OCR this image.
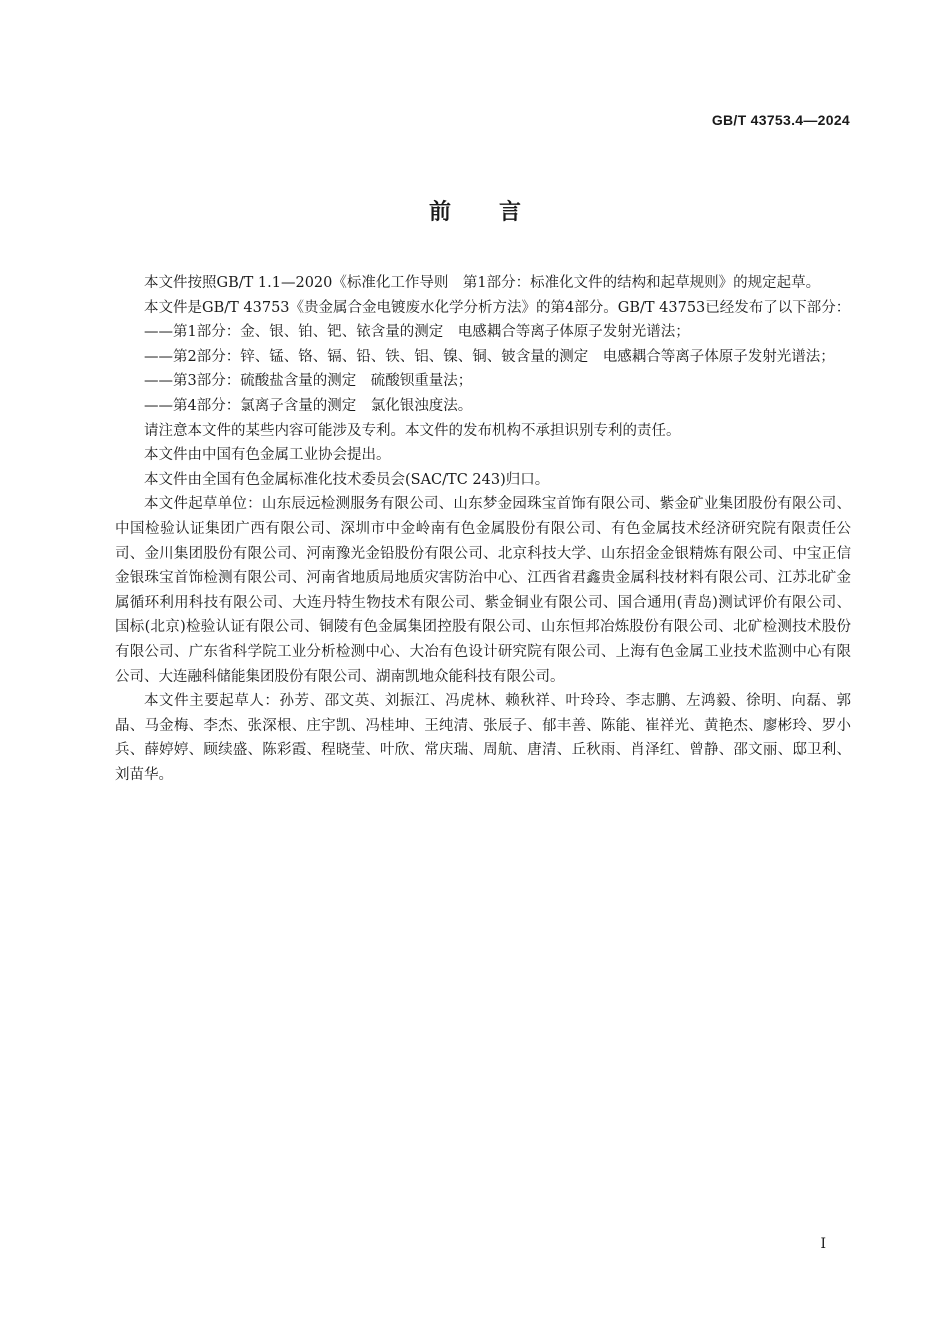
GB/T 43753.4—2024
前言

本文件按照GB/T 1.1—2020《标准化工作导则　第1部分：标准化文件的结构和起草规则》的规定起草。

本文件是GB/T 43753《贵金属合金电镀废水化学分析方法》的第4部分。GB/T 43753已经发布了以下部分：

——第1部分：金、银、铂、钯、铱含量的测定　电感耦合等离子体原子发射光谱法；

——第2部分：锌、锰、铬、镉、铅、铁、铝、镍、铜、铍含量的测定　电感耦合等离子体原子发射光谱法；

——第3部分：硫酸盐含量的测定　硫酸钡重量法；

——第4部分：氯离子含量的测定　氯化银浊度法。

请注意本文件的某些内容可能涉及专利。本文件的发布机构不承担识别专利的责任。

本文件由中国有色金属工业协会提出。

本文件由全国有色金属标准化技术委员会(SAC/TC 243)归口。

本文件起草单位：山东辰远检测服务有限公司、山东梦金园珠宝首饰有限公司、紫金矿业集团股份有限公司、中国检验认证集团广西有限公司、深圳市中金岭南有色金属股份有限公司、有色金属技术经济研究院有限责任公司、金川集团股份有限公司、河南豫光金铅股份有限公司、北京科技大学、山东招金金银精炼有限公司、中宝正信金银珠宝首饰检测有限公司、河南省地质局地质灾害防治中心、江西省君鑫贵金属科技材料有限公司、江苏北矿金属循环利用科技有限公司、大连丹特生物技术有限公司、紫金铜业有限公司、国合通用(青岛)测试评价有限公司、国标(北京)检验认证有限公司、铜陵有色金属集团控股有限公司、山东恒邦冶炼股份有限公司、北矿检测技术股份有限公司、广东省科学院工业分析检测中心、大冶有色设计研究院有限公司、上海有色金属工业技术监测中心有限公司、大连融科储能集团股份有限公司、湖南凯地众能科技有限公司。

本文件主要起草人：孙芳、邵文英、刘振江、冯虎林、赖秋祥、叶玲玲、李志鹏、左鸿毅、徐明、向磊、郭晶、马金梅、李杰、张深根、庄宇凯、冯桂坤、王纯清、张辰子、郁丰善、陈能、崔祥光、黄艳杰、廖彬玲、罗小兵、薛婷婷、顾续盛、陈彩霞、程晓莹、叶欣、常庆瑞、周航、唐清、丘秋雨、肖泽红、曾静、邵文丽、邸卫利、刘苗华。

I
